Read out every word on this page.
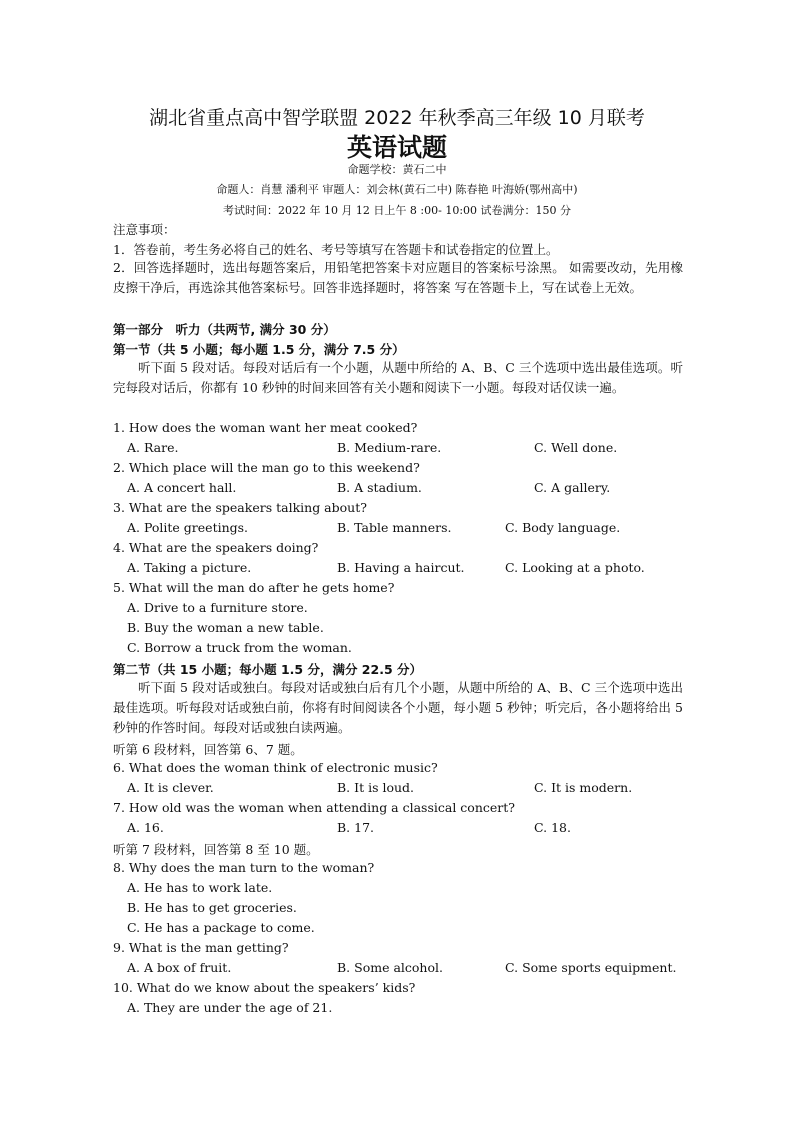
湖北省重点高中智学联盟 2022 年秋季高三年级 10 月联考
英语试题
命题学校：黄石二中
命题人：肖慧 潘利平 审题人：刘会林(黄石二中) 陈春艳 叶海娇(鄂州高中)
考试时间：2022 年 10 月 12 日上午 8 :00- 10:00 试卷满分：150 分
注意事项：
1．答卷前，考生务必将自己的姓名、考号等填写在答题卡和试卷指定的位置上。
2．回答选择题时，选出每题答案后，用铅笔把答案卡对应题目的答案标号涂黑。 如需要改动，先用橡皮擦干净后，再选涂其他答案标号。回答非选择题时，将答案 写在答题卡上，写在试卷上无效。
第一部分　听力（共两节, 满分 30 分）
第一节（共 5 小题；每小题 1.5 分，满分 7.5 分）
听下面 5 段对话。每段对话后有一个小题，从题中所给的 A、B、C 三个选项中选出最佳选项。听完每段对话后，你都有 10 秒钟的时间来回答有关小题和阅读下一小题。每段对话仅读一遍。
1. How does the woman want her meat cooked?
A. Rare.	B. Medium-rare.	C. Well done.
2. Which place will the man go to this weekend?
A. A concert hall.	B. A stadium.	C. A gallery.
3. What are the speakers talking about?
A. Polite greetings.	B. Table manners.	C. Body language.
4. What are the speakers doing?
A. Taking a picture.	B. Having a haircut.	C. Looking at a photo.
5. What will the man do after he gets home?
A. Drive to a furniture store.
B. Buy the woman a new table.
C. Borrow a truck from the woman.
第二节（共 15 小题；每小题 1.5 分，满分 22.5 分）
听下面 5 段对话或独白。每段对话或独白后有几个小题，从题中所给的 A、B、C 三个选项中选出最佳选项。听每段对话或独白前，你将有时间阅读各个小题，每小题 5 秒钟；听完后，各小题将给出 5 秒钟的作答时间。每段对话或独白读两遍。
听第 6 段材料，回答第 6、7 题。
6. What does the woman think of electronic music?
A. It is clever.	B. It is loud.	C. It is modern.
7. How old was the woman when attending a classical concert?
A. 16.	B. 17.	C. 18.
听第 7 段材料，回答第 8 至 10 题。
8. Why does the man turn to the woman?
A. He has to work late.
B. He has to get groceries.
C. He has a package to come.
9. What is the man getting?
A. A box of fruit.	B. Some alcohol.	C. Some sports equipment.
10. What do we know about the speakers’ kids?
A. They are under the age of 21.
